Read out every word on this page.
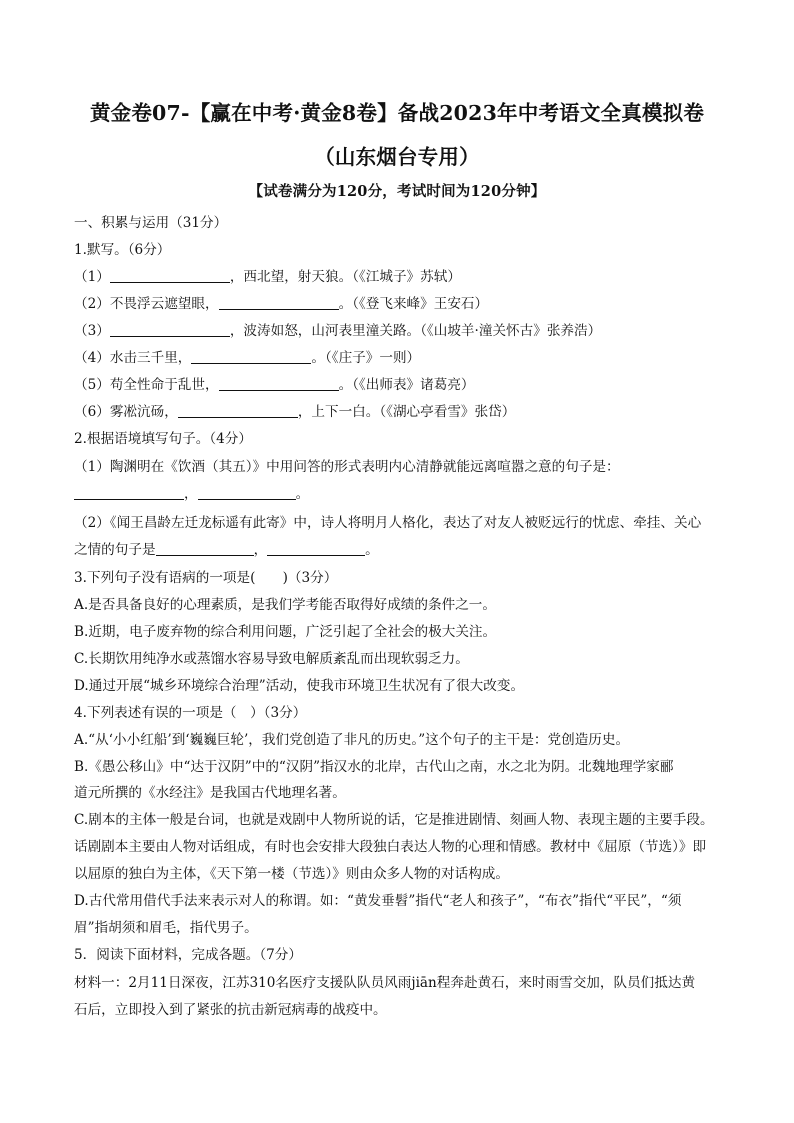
黄金卷07-【赢在中考·黄金8卷】备战2023年中考语文全真模拟卷
（山东烟台专用）
【试卷满分为120分，考试时间为120分钟】
一、积累与运用（31分）
1.默写。（6分）
（1）	，西北望，射天狼。（《江城子》苏轼）
（2）不畏浮云遮望眼，	。（《登飞来峰》王安石）
（3）	，波涛如怒，山河表里潼关路。（《山坡羊·潼关怀古》张养浩）
（4）水击三千里，	。（《庄子》一则）
（5）苟全性命于乱世，	。（《出师表》诸葛亮）
（6）雾凇沆砀，	，上下一白。（《湖心亭看雪》张岱）
2.根据语境填写句子。（4分）
（1）陶渊明在《饮酒（其五）》中用问答的形式表明内心清静就能远离喧嚣之意的句子是：
，	。
（2）《闻王昌龄左迁龙标遥有此寄》中，诗人将明月人格化，表达了对友人被贬远行的忧虑、牵挂、关心
之情的句子是	，	。
3.下列句子没有语病的一项是(　　)（3分）
A.是否具备良好的心理素质，是我们学考能否取得好成绩的条件之一。
B.近期，电子废弃物的综合利用问题，广泛引起了全社会的极大关注。
C.长期饮用纯净水或蒸馏水容易导致电解质紊乱而出现软弱乏力。
D.通过开展“城乡环境综合治理”活动，使我市环境卫生状况有了很大改变。
4.下列表述有误的一项是（　）（3分）
A.“从‘小小红船’到‘巍巍巨轮’，我们党创造了非凡的历史。”这个句子的主干是：党创造历史。
B.《愚公移山》中“达于汉阴”中的“汉阴”指汉水的北岸，古代山之南，水之北为阴。北魏地理学家郦
道元所撰的《水经注》是我国古代地理名著。
C.剧本的主体一般是台词，也就是戏剧中人物所说的话，它是推进剧情、刻画人物、表现主题的主要手段。
话剧剧本主要由人物对话组成，有时也会安排大段独白表达人物的心理和情感。教材中《屈原（节选）》即
以屈原的独白为主体，《天下第一楼（节选）》则由众多人物的对话构成。
D.古代常用借代手法来表示对人的称谓。如：“黄发垂髫”指代“老人和孩子”，“布衣”指代“平民”，“须
眉”指胡须和眉毛，指代男子。
5．阅读下面材料，完成各题。（7分）
材料一：2月11日深夜，江苏310名医疗支援队队员风雨jiān程奔赴黄石，来时雨雪交加，队员们抵达黄
石后，立即投入到了紧张的抗击新冠病毒的战疫中。
